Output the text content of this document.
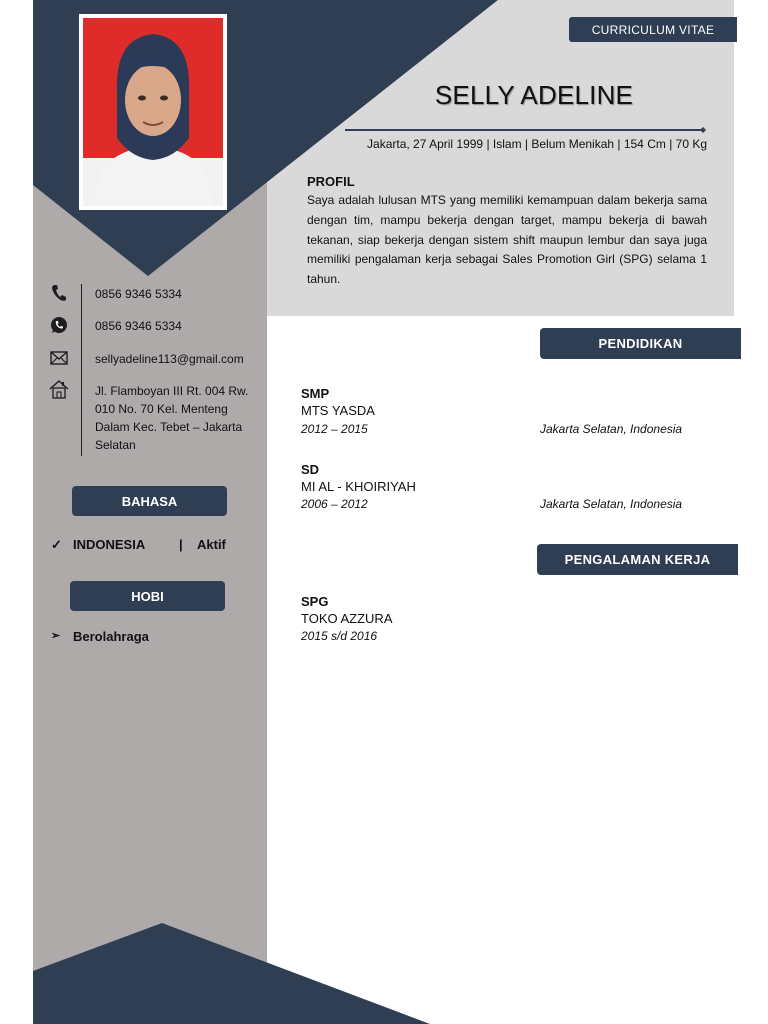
CURRICULUM VITAE
SELLY ADELINE
Jakarta, 27 April 1999 | Islam | Belum Menikah | 154 Cm | 70 Kg
PROFIL
Saya adalah lulusan MTS yang memiliki kemampuan dalam bekerja sama dengan tim, mampu bekerja dengan target, mampu bekerja di bawah tekanan, siap bekerja dengan sistem shift maupun lembur dan saya juga memiliki pengalaman kerja sebagai Sales Promotion Girl (SPG) selama 1 tahun.
0856 9346 5334
0856 9346 5334
sellyadeline113@gmail.com
Jl. Flamboyan III Rt. 004 Rw. 010 No. 70 Kel. Menteng Dalam Kec. Tebet – Jakarta Selatan
BAHASA
✓ INDONESIA	| Aktif
HOBI
➢ Berolahraga
PENDIDIKAN
SMP
MTS YASDA
2012 – 2015	Jakarta Selatan, Indonesia
SD
MI AL - KHOIRIYAH
2006 – 2012	Jakarta Selatan, Indonesia
PENGALAMAN KERJA
SPG
TOKO AZZURA
2015 s/d 2016
